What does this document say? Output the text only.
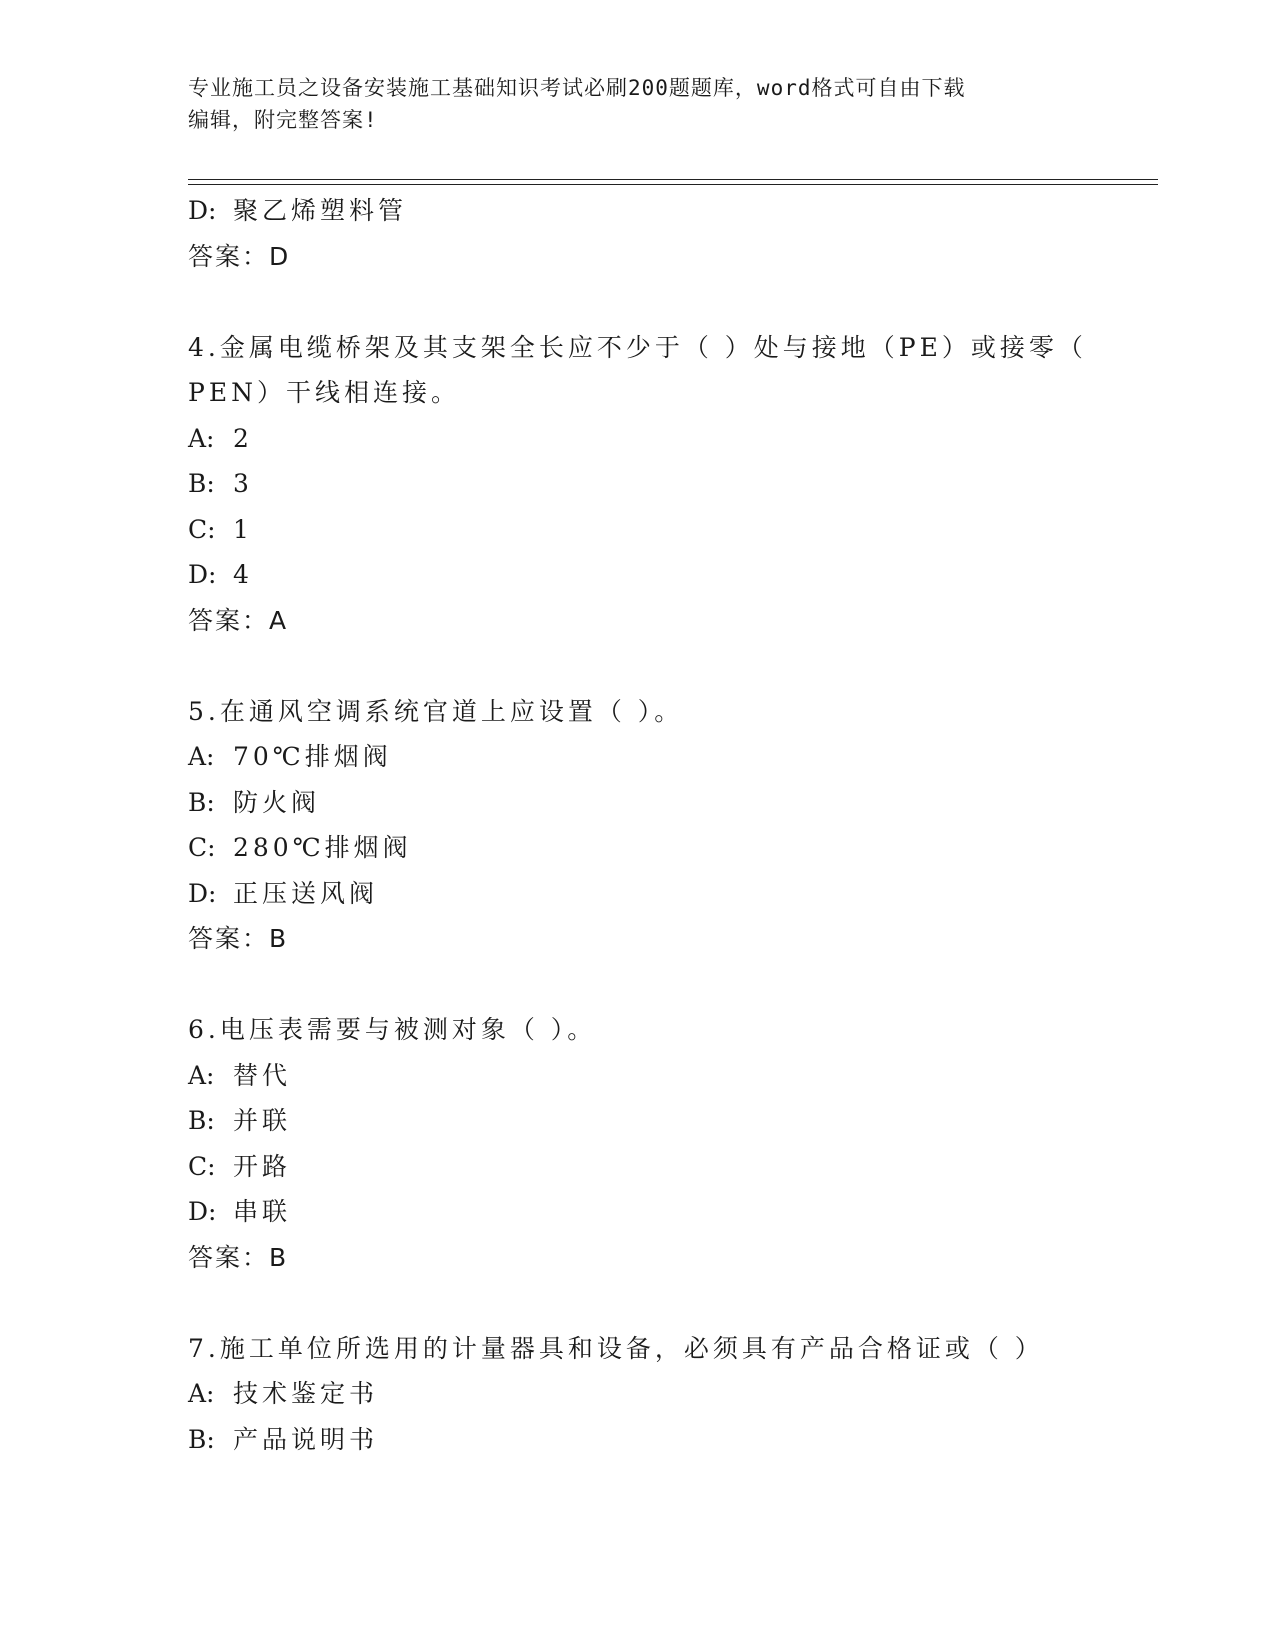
专业施工员之设备安装施工基础知识考试必刷200题题库，word格式可自由下载
编辑，附完整答案!
D: 聚乙烯塑料管
答案：D
4.金属电缆桥架及其支架全长应不少于（ ）处与接地（PE）或接零（
PEN）干线相连接。
A: 2
B: 3
C: 1
D: 4
答案：A
5.在通风空调系统官道上应设置（ ）。
A: 70℃排烟阀
B: 防火阀
C: 280℃排烟阀
D: 正压送风阀
答案：B
6.电压表需要与被测对象（ ）。
A: 替代
B: 并联
C: 开路
D: 串联
答案：B
7.施工单位所选用的计量器具和设备，必须具有产品合格证或（ ）
A: 技术鉴定书
B: 产品说明书
